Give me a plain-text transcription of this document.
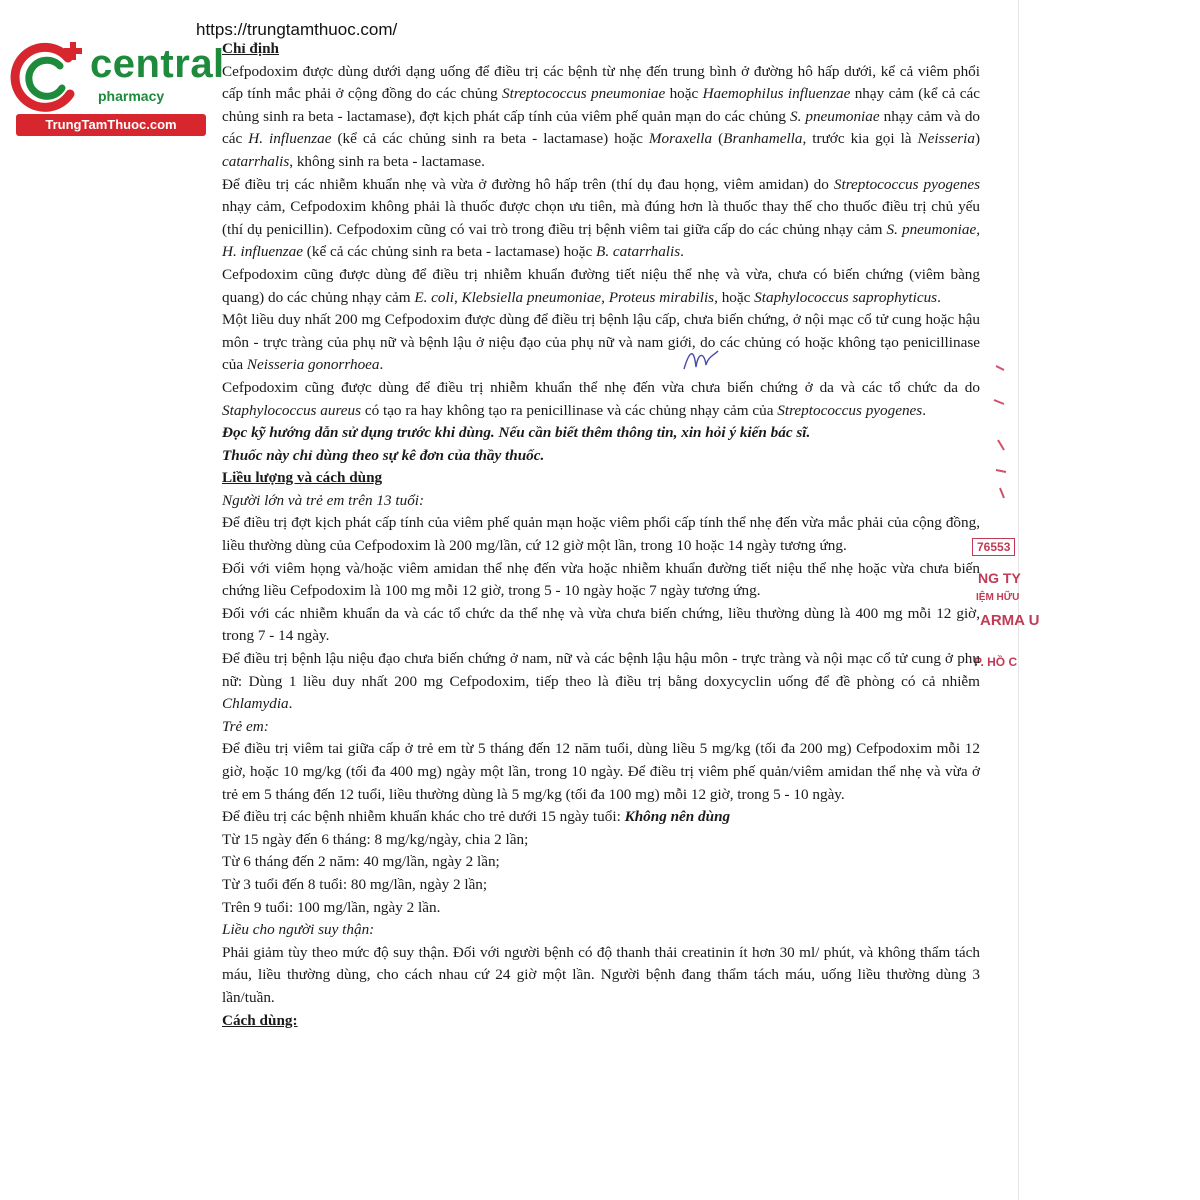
central
pharmacy
TrungTamThuoc.com
https://trungtamthuoc.com/
76553
NG TY
IỆM HỮU
ARMA U
P. HỒ C

Chỉ định

Cefpodoxim được dùng dưới dạng uống để điều trị các bệnh từ nhẹ đến trung bình ở đường hô hấp dưới, kể cả viêm phổi cấp tính mắc phải ở cộng đồng do các chủng Streptococcus pneumoniae hoặc Haemophilus influenzae nhạy cảm (kể cả các chủng sinh ra beta - lactamase), đợt kịch phát cấp tính của viêm phế quản mạn do các chủng S. pneumoniae nhạy cảm và do các H. influenzae (kể cả các chủng sinh ra beta - lactamase) hoặc Moraxella (Branhamella, trước kia gọi là Neisseria) catarrhalis, không sinh ra beta - lactamase.

Để điều trị các nhiễm khuẩn nhẹ và vừa ở đường hô hấp trên (thí dụ đau họng, viêm amidan) do Streptococcus pyogenes nhạy cảm, Cefpodoxim không phải là thuốc được chọn ưu tiên, mà đúng hơn là thuốc thay thế cho thuốc điều trị chủ yếu (thí dụ penicillin). Cefpodoxim cũng có vai trò trong điều trị bệnh viêm tai giữa cấp do các chủng nhạy cảm S. pneumoniae, H. influenzae (kể cả các chủng sinh ra beta - lactamase) hoặc B. catarrhalis.

Cefpodoxim cũng được dùng để điều trị nhiễm khuẩn đường tiết niệu thể nhẹ và vừa, chưa có biến chứng (viêm bàng quang) do các chủng nhạy cảm E. coli, Klebsiella pneumoniae, Proteus mirabilis, hoặc Staphylococcus saprophyticus.

Một liều duy nhất 200 mg Cefpodoxim được dùng để điều trị bệnh lậu cấp, chưa biến chứng, ở nội mạc cổ tử cung hoặc hậu môn - trực tràng của phụ nữ và bệnh lậu ở niệu đạo của phụ nữ và nam giới, do các chủng có hoặc không tạo penicillinase của Neisseria gonorrhoea.

Cefpodoxim cũng được dùng để điều trị nhiễm khuẩn thể nhẹ đến vừa chưa biến chứng ở da và các tổ chức da do Staphylococcus aureus có tạo ra hay không tạo ra penicillinase và các chủng nhạy cảm của Streptococcus pyogenes.

Đọc kỹ hướng dẫn sử dụng trước khi dùng. Nếu cần biết thêm thông tin, xin hỏi ý kiến bác sĩ.

Thuốc này chỉ dùng theo sự kê đơn của thầy thuốc.

Liều lượng và cách dùng

Người lớn và trẻ em trên 13 tuổi:

Để điều trị đợt kịch phát cấp tính của viêm phế quản mạn hoặc viêm phổi cấp tính thể nhẹ đến vừa mắc phải của cộng đồng, liều thường dùng của Cefpodoxim là 200 mg/lần, cứ 12 giờ một lần, trong 10 hoặc 14 ngày tương ứng.

Đối với viêm họng và/hoặc viêm amidan thể nhẹ đến vừa hoặc nhiễm khuẩn đường tiết niệu thể nhẹ hoặc vừa chưa biến chứng liều Cefpodoxim là 100 mg mỗi 12 giờ, trong 5 - 10 ngày hoặc 7 ngày tương ứng.

Đối với các nhiễm khuẩn da và các tổ chức da thể nhẹ và vừa chưa biến chứng, liều thường dùng là 400 mg mỗi 12 giờ, trong 7 - 14 ngày.

Để điều trị bệnh lậu niệu đạo chưa biến chứng ở nam, nữ và các bệnh lậu hậu môn - trực tràng và nội mạc cổ tử cung ở phụ nữ: Dùng 1 liều duy nhất 200 mg Cefpodoxim, tiếp theo là điều trị bằng doxycyclin uống để đề phòng có cả nhiễm Chlamydia.

Trẻ em:

Để điều trị viêm tai giữa cấp ở trẻ em từ 5 tháng đến 12 năm tuổi, dùng liều 5 mg/kg (tối đa 200 mg) Cefpodoxim mỗi 12 giờ, hoặc 10 mg/kg (tối đa 400 mg) ngày một lần, trong 10 ngày. Để điều trị viêm phế quản/viêm amidan thể nhẹ và vừa ở trẻ em 5 tháng đến 12 tuổi, liều thường dùng là 5 mg/kg (tối đa 100 mg) mỗi 12 giờ, trong 5 - 10 ngày.

Để điều trị các bệnh nhiễm khuẩn khác cho trẻ dưới 15 ngày tuổi: Không nên dùng

Từ 15 ngày đến 6 tháng: 8 mg/kg/ngày, chia 2 lần;

Từ 6 tháng đến 2 năm: 40 mg/lần, ngày 2 lần;

Từ 3 tuổi đến 8 tuổi: 80 mg/lần, ngày 2 lần;

Trên 9 tuổi: 100 mg/lần, ngày 2 lần.

Liều cho người suy thận:

Phải giảm tùy theo mức độ suy thận. Đối với người bệnh có độ thanh thải creatinin ít hơn 30 ml/ phút, và không thẩm tách máu, liều thường dùng, cho cách nhau cứ 24 giờ một lần. Người bệnh đang thẩm tách máu, uống liều thường dùng 3 lần/tuần.

Cách dùng:
